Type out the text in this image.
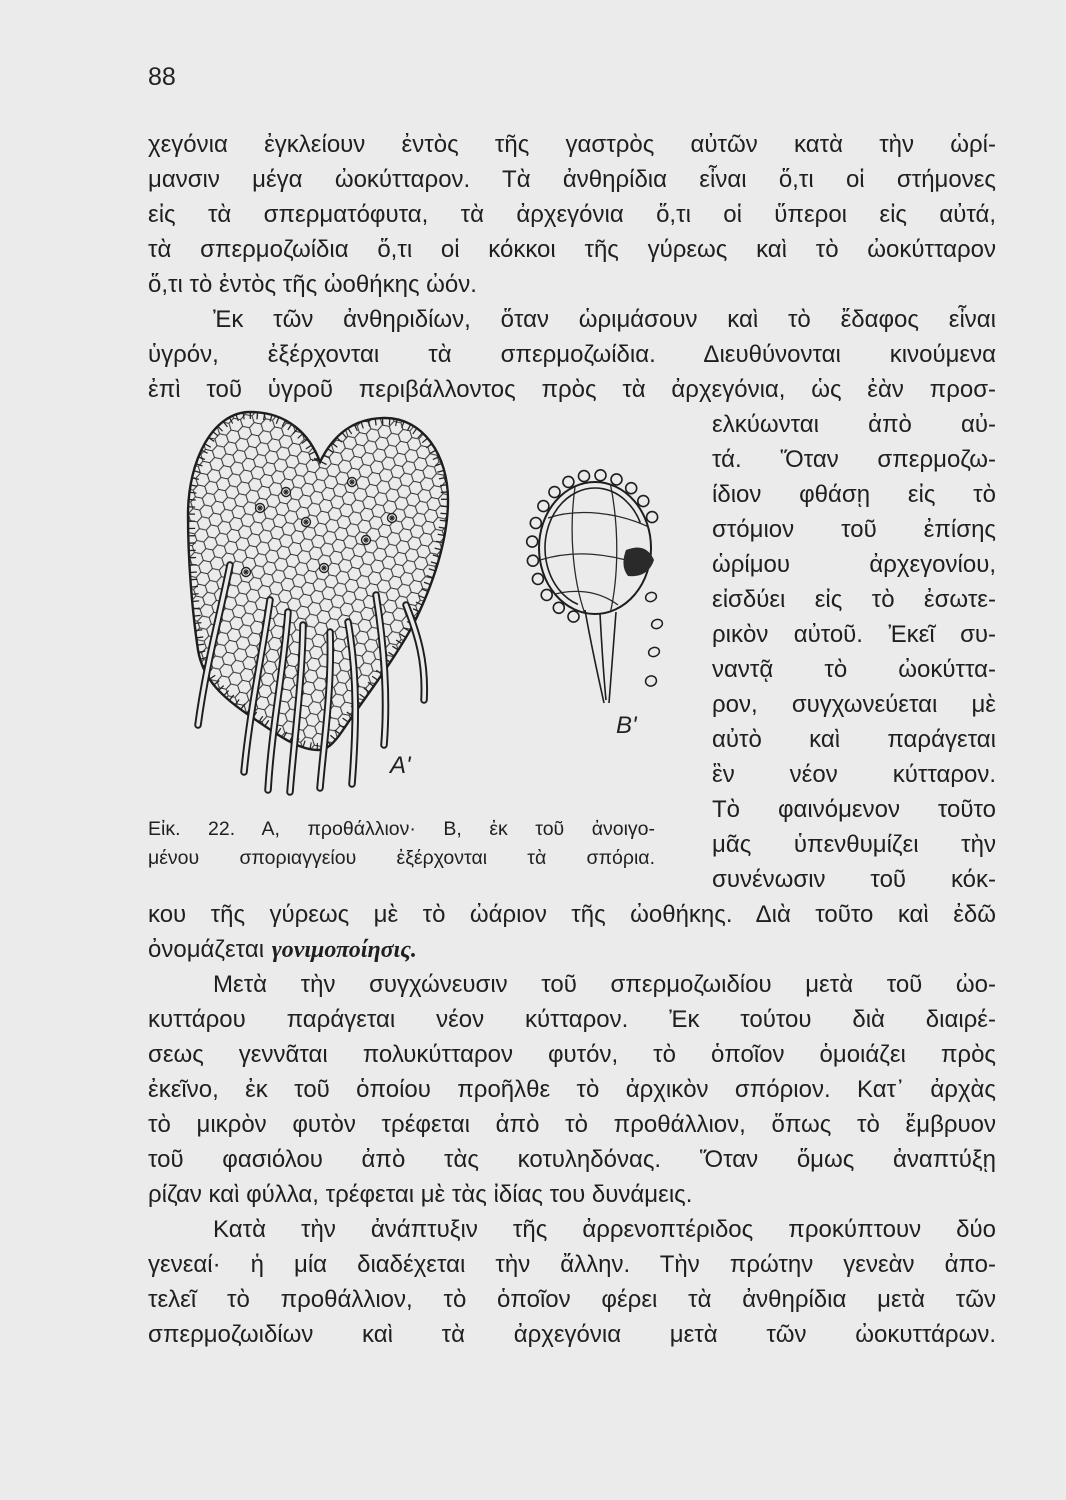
88
χεγόνια ἐγκλείουν ἐντὸς τῆς γαστρὸς αὐτῶν κατὰ τὴν ὡρί-
μανσιν μέγα ὠοκύτταρον. Τὰ ἀνθηρίδια εἶναι ὅ,τι οἱ στήμονες
εἰς τὰ σπερματόφυτα, τὰ ἀρχεγόνια ὅ,τι οἱ ὕπεροι εἰς αὐτά,
τὰ σπερμοζωίδια ὅ,τι οἱ κόκκοι τῆς γύρεως καὶ τὸ ὠοκύτταρον
ὅ,τι τὸ ἐντὸς τῆς ὠοθήκης ὠόν.
Ἐκ τῶν ἀνθηριδίων, ὅταν ὡριμάσουν καὶ τὸ ἔδαφος εἶναι
ὑγρόν, ἐξέρχονται τὰ σπερμοζωίδια. Διευθύνονται κινούμενα
ἐπὶ τοῦ ὑγροῦ περιβάλλοντος πρὸς τὰ ἀρχεγόνια, ὡς ἐὰν προσ-
ελκύωνται ἀπὸ αὐ-
τά. Ὅταν σπερμοζω-
ίδιον φθάσῃ εἰς τὸ
στόμιον τοῦ ἐπίσης
ὡρίμου ἀρχεγονίου,
εἰσδύει εἰς τὸ ἐσωτε-
ρικὸν αὐτοῦ. Ἐκεῖ συ-
ναντᾷ τὸ ὠοκύττα-
ρον, συγχωνεύεται μὲ
αὐτὸ καὶ παράγεται
ἓν νέον κύτταρον.
Τὸ φαινόμενον τοῦτο
μᾶς ὑπενθυμίζει τὴν
συνένωσιν τοῦ κόκ-
A'
B'
Εἰκ. 22. Α, προθάλλιον· Β, ἐκ τοῦ ἀνοιγο-
μένου σποριαγγείου ἐξέρχονται τὰ σπόρια.
κου τῆς γύρεως μὲ τὸ ὠάριον τῆς ὠοθήκης. Διὰ τοῦτο καὶ ἐδῶ
ὀνομάζεται γονιμοποίησις.
Μετὰ τὴν συγχώνευσιν τοῦ σπερμοζωιδίου μετὰ τοῦ ὠο-
κυττάρου παράγεται νέον κύτταρον. Ἐκ τούτου διὰ διαιρέ-
σεως γεννᾶται πολυκύτταρον φυτόν, τὸ ὁποῖον ὁμοιάζει πρὸς
ἐκεῖνο, ἐκ τοῦ ὁποίου προῆλθε τὸ ἀρχικὸν σπόριον. Κατ᾽ ἀρχὰς
τὸ μικρὸν φυτὸν τρέφεται ἀπὸ τὸ προθάλλιον, ὅπως τὸ ἔμβρυον
τοῦ φασιόλου ἀπὸ τὰς κοτυληδόνας. Ὅταν ὅμως ἀναπτύξῃ
ρίζαν καὶ φύλλα, τρέφεται μὲ τὰς ἰδίας του δυνάμεις.
Κατὰ τὴν ἀνάπτυξιν τῆς ἀρρενοπτέριδος προκύπτουν δύο
γενεαί· ἡ μία διαδέχεται τὴν ἄλλην. Τὴν πρώτην γενεὰν ἀπο-
τελεῖ τὸ προθάλλιον, τὸ ὁποῖον φέρει τὰ ἀνθηρίδια μετὰ τῶν
σπερμοζωιδίων καὶ τὰ ἀρχεγόνια μετὰ τῶν ὠοκυττάρων.
